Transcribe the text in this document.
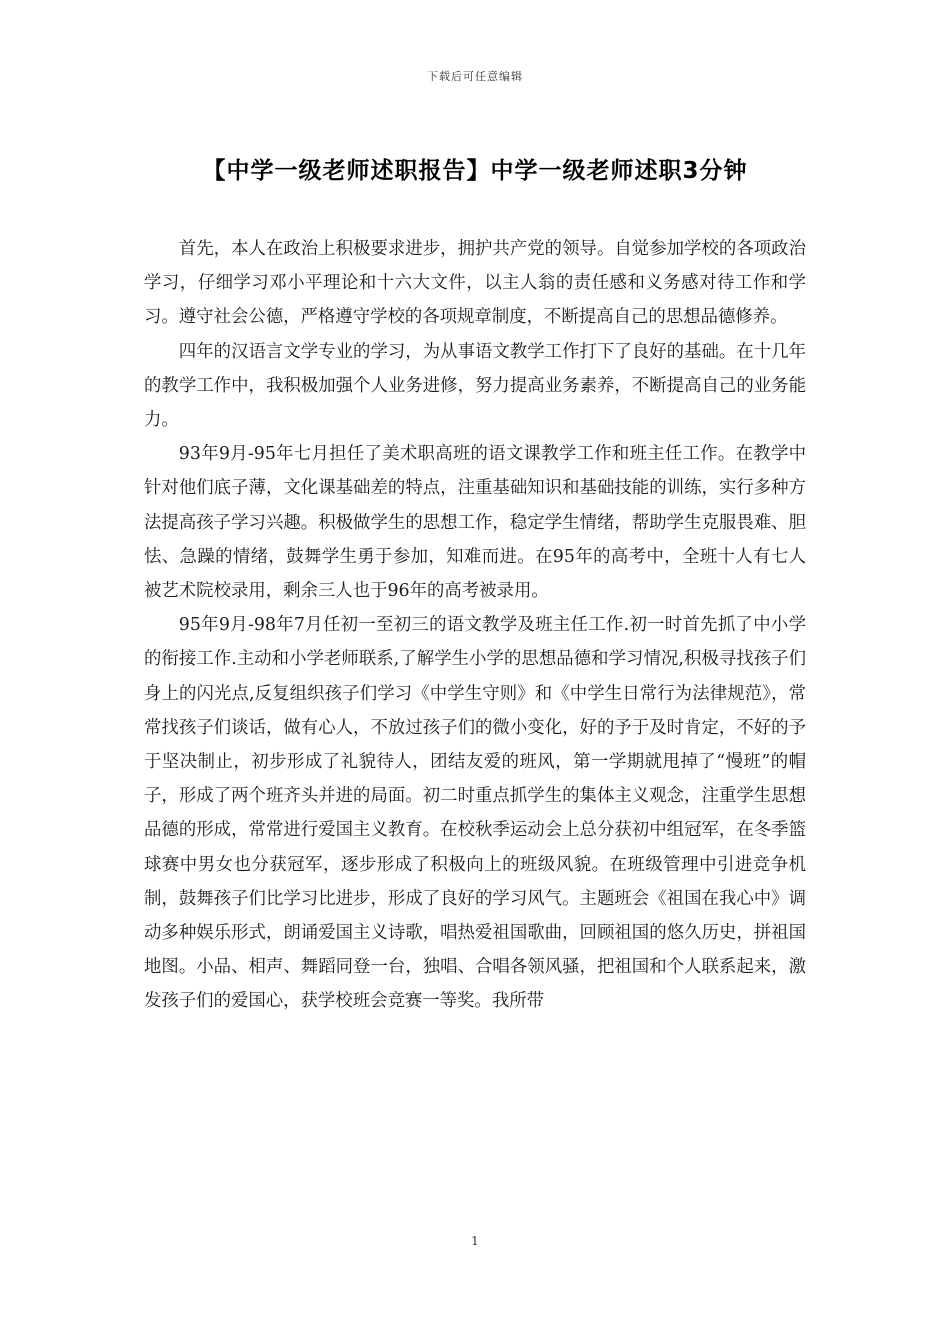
下载后可任意编辑
【中学一级老师述职报告】中学一级老师述职3分钟

首先，本人在政治上积极要求进步，拥护共产党的领导。自觉参加学校的各项政治学习，仔细学习邓小平理论和十六大文件，以主人翁的责任感和义务感对待工作和学习。遵守社会公德，严格遵守学校的各项规章制度，不断提高自己的思想品德修养。

四年的汉语言文学专业的学习，为从事语文教学工作打下了良好的基础。在十几年的教学工作中，我积极加强个人业务进修，努力提高业务素养，不断提高自己的业务能力。

93年9月-95年七月担任了美术职高班的语文课教学工作和班主任工作。在教学中针对他们底子薄，文化课基础差的特点，注重基础知识和基础技能的训练，实行多种方法提高孩子学习兴趣。积极做学生的思想工作，稳定学生情绪，帮助学生克服畏难、胆怯、急躁的情绪，鼓舞学生勇于参加，知难而进。在95年的高考中，全班十人有七人被艺术院校录用，剩余三人也于96年的高考被录用。

95年9月-98年7月任初一至初三的语文教学及班主任工作.初一时首先抓了中小学的衔接工作.主动和小学老师联系,了解学生小学的思想品德和学习情况,积极寻找孩子们身上的闪光点,反复组织孩子们学习《中学生守则》和《中学生日常行为法律规范》，常常找孩子们谈话，做有心人，不放过孩子们的微小变化，好的予于及时肯定，不好的予于坚决制止，初步形成了礼貌待人，团结友爱的班风，第一学期就甩掉了“慢班”的帽子，形成了两个班齐头并进的局面。初二时重点抓学生的集体主义观念，注重学生思想品德的形成，常常进行爱国主义教育。在校秋季运动会上总分获初中组冠军，在冬季篮球赛中男女也分获冠军，逐步形成了积极向上的班级风貌。在班级管理中引进竞争机制，鼓舞孩子们比学习比进步，形成了良好的学习风气。主题班会《祖国在我心中》调动多种娱乐形式，朗诵爱国主义诗歌，唱热爱祖国歌曲，回顾祖国的悠久历史，拼祖国地图。小品、相声、舞蹈同登一台，独唱、合唱各领风骚，把祖国和个人联系起来，激发孩子们的爱国心，获学校班会竞赛一等奖。我所带

1
